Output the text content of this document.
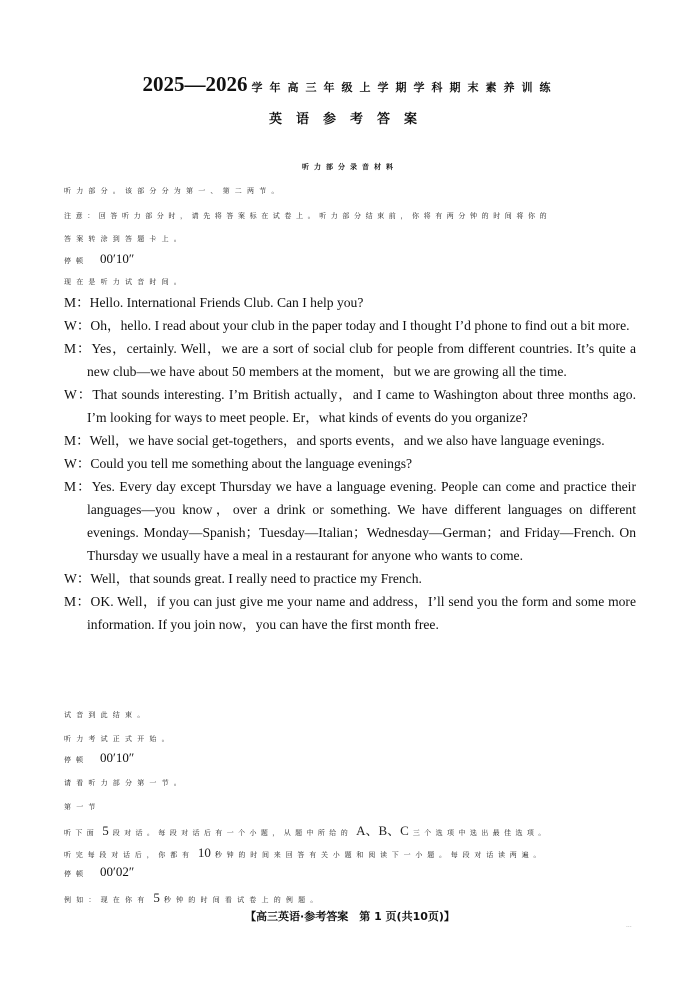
2025—2026 学年高三年级上学期学科期末素养训练
英语参考答案
听力部分录音材料
听力部分。该部分分为第一、第二两节。
注意：回答听力部分时，请先将答案标在试卷上。听力部分结束前，你将有两分钟的时间将你的
答案转涂到答题卡上。
停顿 00′10″
现在是听力试音时间。

M：Hello. International Friends Club. Can I help you?

W：Oh，hello. I read about your club in the paper today and I thought I’d phone to find out a bit more.

M：Yes，certainly. Well，we are a sort of social club for people from different countries. It’s quite a new club—we have about 50 members at the moment，but we are growing all the time.

W：That sounds interesting. I’m British actually，and I came to Washington about three months ago. I’m looking for ways to meet people. Er，what kinds of events do you organize?

M：Well，we have social get-togethers，and sports events，and we also have language evenings.

W：Could you tell me something about the language evenings?

M：Yes. Every day except Thursday we have a language evening. People can come and practice their languages—you know，over a drink or something. We have different languages on different evenings. Monday—Spanish；Tuesday—Italian；Wednesday—German；and Friday—French. On Thursday we usually have a meal in a restaurant for anyone who wants to come.

W：Well，that sounds great. I really need to practice my French.

M：OK. Well，if you can just give me your name and address，I’ll send you the form and some more information. If you join now，you can have the first month free.

试音到此结束。
听力考试正式开始。
停顿 00′10″
请看听力部分第一节。
第一节
听下面 5 段对话。每段对话后有一个小题，从题中所给的 A、B、C 三个选项中选出最佳选项。
听完每段对话后，你都有 10 秒钟的时间来回答有关小题和阅读下一小题。每段对话读两遍。
停顿 00′02″
例如：现在你有 5 秒钟的时间看试卷上的例题。
【高三英语·参考答案　第 1 页(共10页)】
···
